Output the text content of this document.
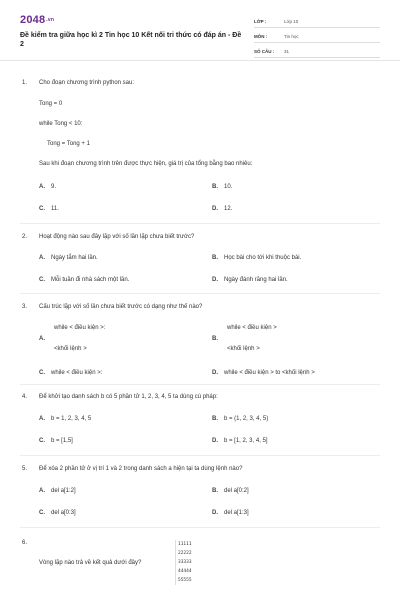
2048.vn
Đề kiểm tra giữa học kì 2 Tin học 10 Kết nối tri thức có đáp án - Đề 2
LỚP :	Lớp 10
MÔN :	Tin học
SỐ CÂU :	31
1. Cho đoạn chương trình python sau:
Tong = 0
while Tong < 10:
Tong = Tong + 1
Sau khi đoạn chương trình trên được thực hiện, giá trị của tổng bằng bao nhiêu:
A. 9.	B. 10.
C. 11.	D. 12.
2. Hoạt động nào sau đây lặp với số lần lặp chưa biết trước?
A. Ngày tắm hai lần.	B. Học bài cho tới khi thuộc bài.
C. Mỗi tuần đi nhà sách một lần.	D. Ngày đánh răng hai lần.
3. Cấu trúc lặp với số lần chưa biết trước có dạng như thế nào?
A.
while < điều kiện >:
<khối lệnh >
B.
while < điều kiện >
<khối lệnh >
C. while < điều kiện >:	D. while < điều kiện > to <khối lệnh >
4. Để khởi tạo danh sách b có 5 phần tử 1, 2, 3, 4, 5 ta dùng cú pháp:
A. b = 1, 2, 3, 4, 5	B. b = (1, 2, 3, 4, 5)
C. b = [1,5]	D. b = [1, 2, 3, 4, 5]
5. Để xóa 2 phần tử ở vị trí 1 và 2 trong danh sách a hiện tại ta dùng lệnh nào?
A. del a[1:2]	B. del a[0:2]
C. del a[0:3]	D. del a[1:3]
6.
Vòng lặp nào trả về kết quả dưới đây?
11111
22222
33333
44444
55555
